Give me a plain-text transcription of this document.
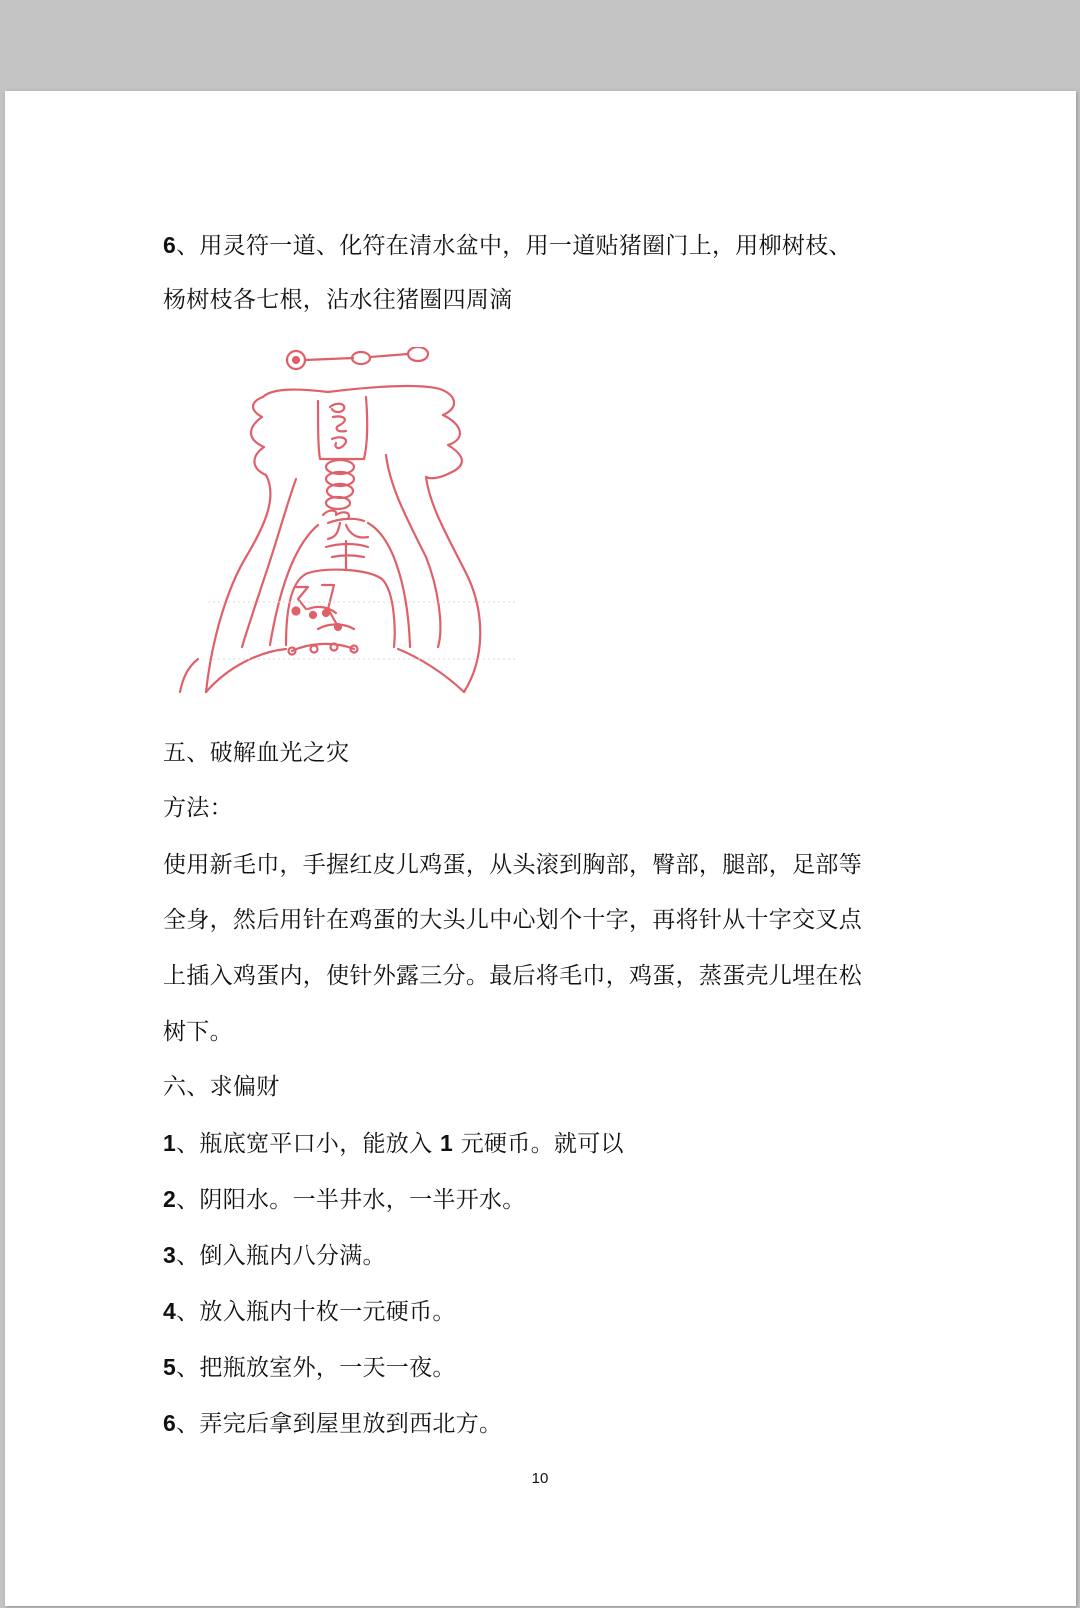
6、用灵符一道、化符在清水盆中，用一道贴猪圈门上，用柳树枝、
杨树枝各七根，沾水往猪圈四周滴
五、破解血光之灾
方法：
使用新毛巾，手握红皮儿鸡蛋，从头滚到胸部，臀部，腿部，足部等
全身，然后用针在鸡蛋的大头儿中心划个十字，再将针从十字交叉点
上插入鸡蛋内，使针外露三分。最后将毛巾，鸡蛋，蒸蛋壳儿埋在松
树下。
六、求偏财
1、瓶底宽平口小，能放入 1 元硬币。就可以
2、阴阳水。一半井水，一半开水。
3、倒入瓶内八分满。
4、放入瓶内十枚一元硬币。
5、把瓶放室外，一天一夜。
6、弄完后拿到屋里放到西北方。
10
